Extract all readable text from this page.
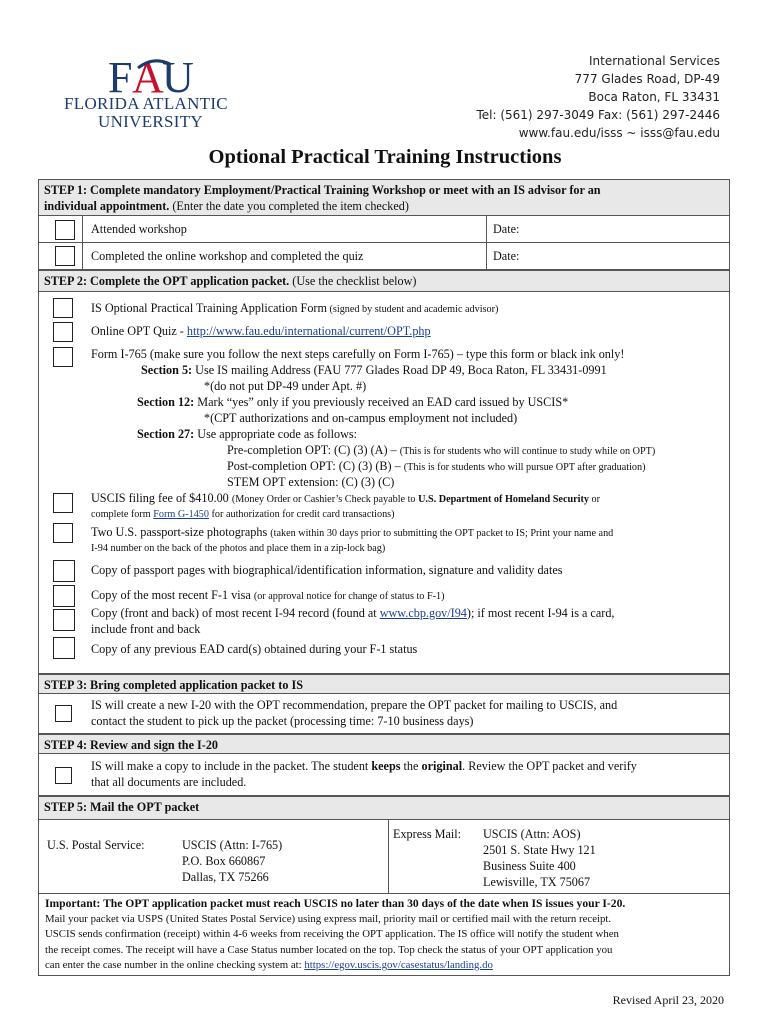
F A
U
FLORIDA ATLANTIC
UNIVERSITY
International Services
777 Glades Road, DP-49
Boca Raton, FL 33431
Tel: (561) 297-3049 Fax: (561) 297-2446
www.fau.edu/isss ~ isss@fau.edu
Optional Practical Training Instructions
STEP 1: Complete mandatory Employment/Practical Training Workshop or meet with an IS advisor for an
individual appointment. (Enter the date you completed the item checked)
Attended workshop	Date:
Completed the online workshop and completed the quiz	Date:
STEP 2: Complete the OPT application packet. (Use the checklist below)
IS Optional Practical Training Application Form (signed by student and academic advisor)
Online OPT Quiz - http://www.fau.edu/international/current/OPT.php
Form I-765 (make sure you follow the next steps carefully on Form I-765) – type this form or black ink only!
Section 5: Use IS mailing Address (FAU 777 Glades Road DP 49, Boca Raton, FL 33431-0991
*(do not put DP-49 under Apt. #)
Section 12: Mark “yes” only if you previously received an EAD card issued by USCIS*
*(CPT authorizations and on-campus employment not included)
Section 27: Use appropriate code as follows:
Pre-completion OPT: (C) (3) (A) – (This is for students who will continue to study while on OPT)
Post-completion OPT: (C) (3) (B) – (This is for students who will pursue OPT after graduation)
STEM OPT extension: (C) (3) (C)
USCIS filing fee of $410.00 (Money Order or Cashier’s Check payable to U.S. Department of Homeland Security or
complete form Form G-1450 for authorization for credit card transactions)
Two U.S. passport-size photographs (taken within 30 days prior to submitting the OPT packet to IS; Print your name and
I-94 number on the back of the photos and place them in a zip-lock bag)
Copy of passport pages with biographical/identification information, signature and validity dates
Copy of the most recent F-1 visa (or approval notice for change of status to F-1)
Copy (front and back) of most recent I-94 record (found at www.cbp.gov/I94); if most recent I-94 is a card,
include front and back
Copy of any previous EAD card(s) obtained during your F-1 status
STEP 3: Bring completed application packet to IS
IS will create a new I-20 with the OPT recommendation, prepare the OPT packet for mailing to USCIS, and
contact the student to pick up the packet (processing time: 7-10 business days)
STEP 4: Review and sign the I-20
IS will make a copy to include in the packet. The student keeps the original. Review the OPT packet and verify
that all documents are included.
STEP 5: Mail the OPT packet
U.S. Postal Service:	USCIS (Attn: I-765)
P.O. Box 660867
Dallas, TX 75266
Express Mail: USCIS (Attn: AOS)
2501 S. State Hwy 121
Business Suite 400
Lewisville, TX 75067
Important: The OPT application packet must reach USCIS no later than 30 days of the date when IS issues your I-20.
Mail your packet via USPS (United States Postal Service) using express mail, priority mail or certified mail with the return receipt.
USCIS sends confirmation (receipt) within 4-6 weeks from receiving the OPT application. The IS office will notify the student when
the receipt comes. The receipt will have a Case Status number located on the top. Top check the status of your OPT application you
can enter the case number in the online checking system at: https://egov.uscis.gov/casestatus/landing.do
Revised April 23, 2020
